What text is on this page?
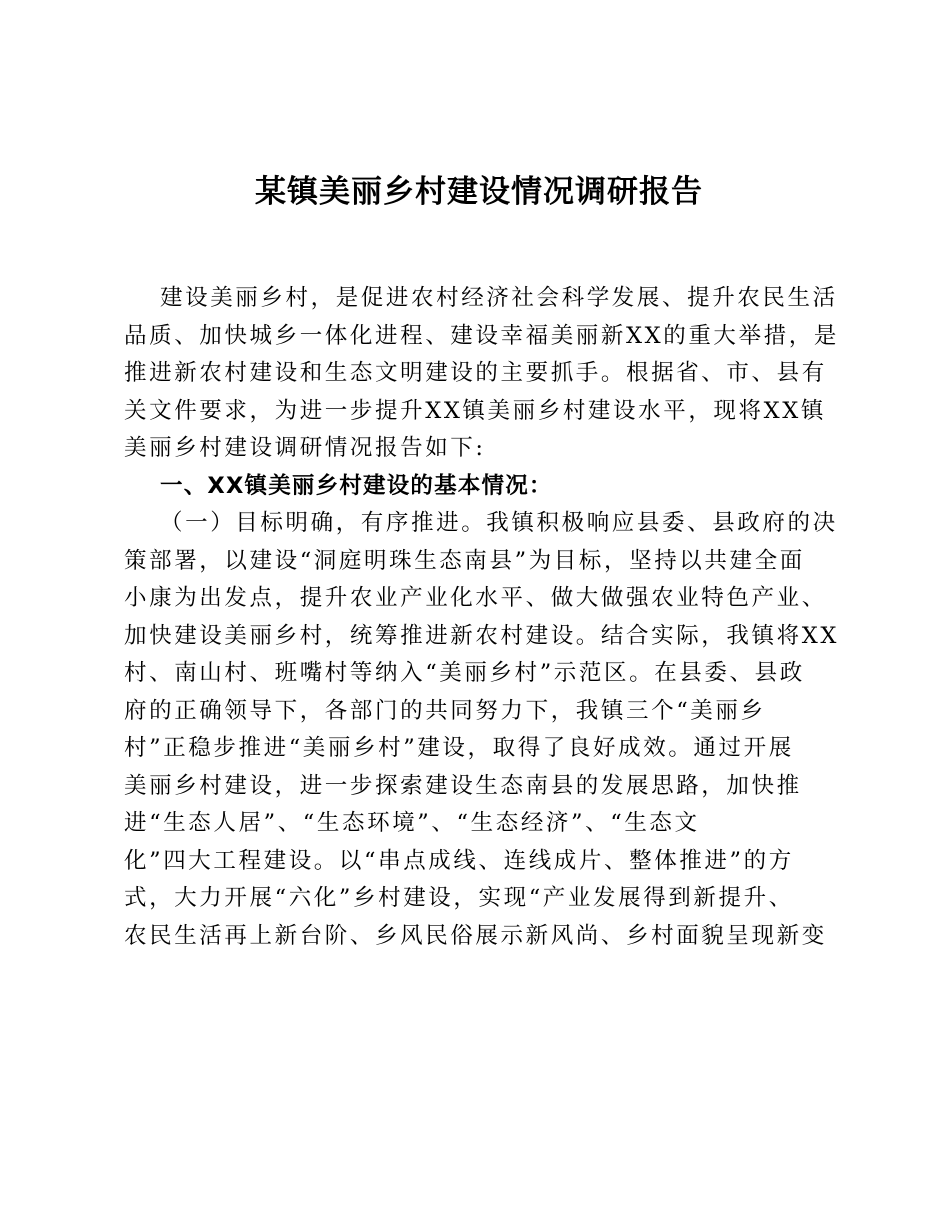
某镇美丽乡村建设情况调研报告
建设美丽乡村，是促进农村经济社会科学发展、提升农民生活
品质、加快城乡一体化进程、建设幸福美丽新XX的重大举措，是
推进新农村建设和生态文明建设的主要抓手。根据省、市、县有
关文件要求，为进一步提升XX镇美丽乡村建设水平，现将XX镇
美丽乡村建设调研情况报告如下:
一、XX镇美丽乡村建设的基本情况：
（一）目标明确，有序推进。我镇积极响应县委、县政府的决
策部署，以建设“洞庭明珠生态南县”为目标，坚持以共建全面
小康为出发点，提升农业产业化水平、做大做强农业特色产业、
加快建设美丽乡村，统筹推进新农村建设。结合实际，我镇将XX
村、南山村、班嘴村等纳入“美丽乡村”示范区。在县委、县政
府的正确领导下，各部门的共同努力下，我镇三个“美丽乡
村”正稳步推进“美丽乡村”建设，取得了良好成效。通过开展
美丽乡村建设，进一步探索建设生态南县的发展思路，加快推
进“生态人居”、“生态环境”、“生态经济”、“生态文
化”四大工程建设。以“串点成线、连线成片、整体推进”的方
式，大力开展“六化”乡村建设，实现“产业发展得到新提升、
农民生活再上新台阶、乡风民俗展示新风尚、乡村面貌呈现新变
